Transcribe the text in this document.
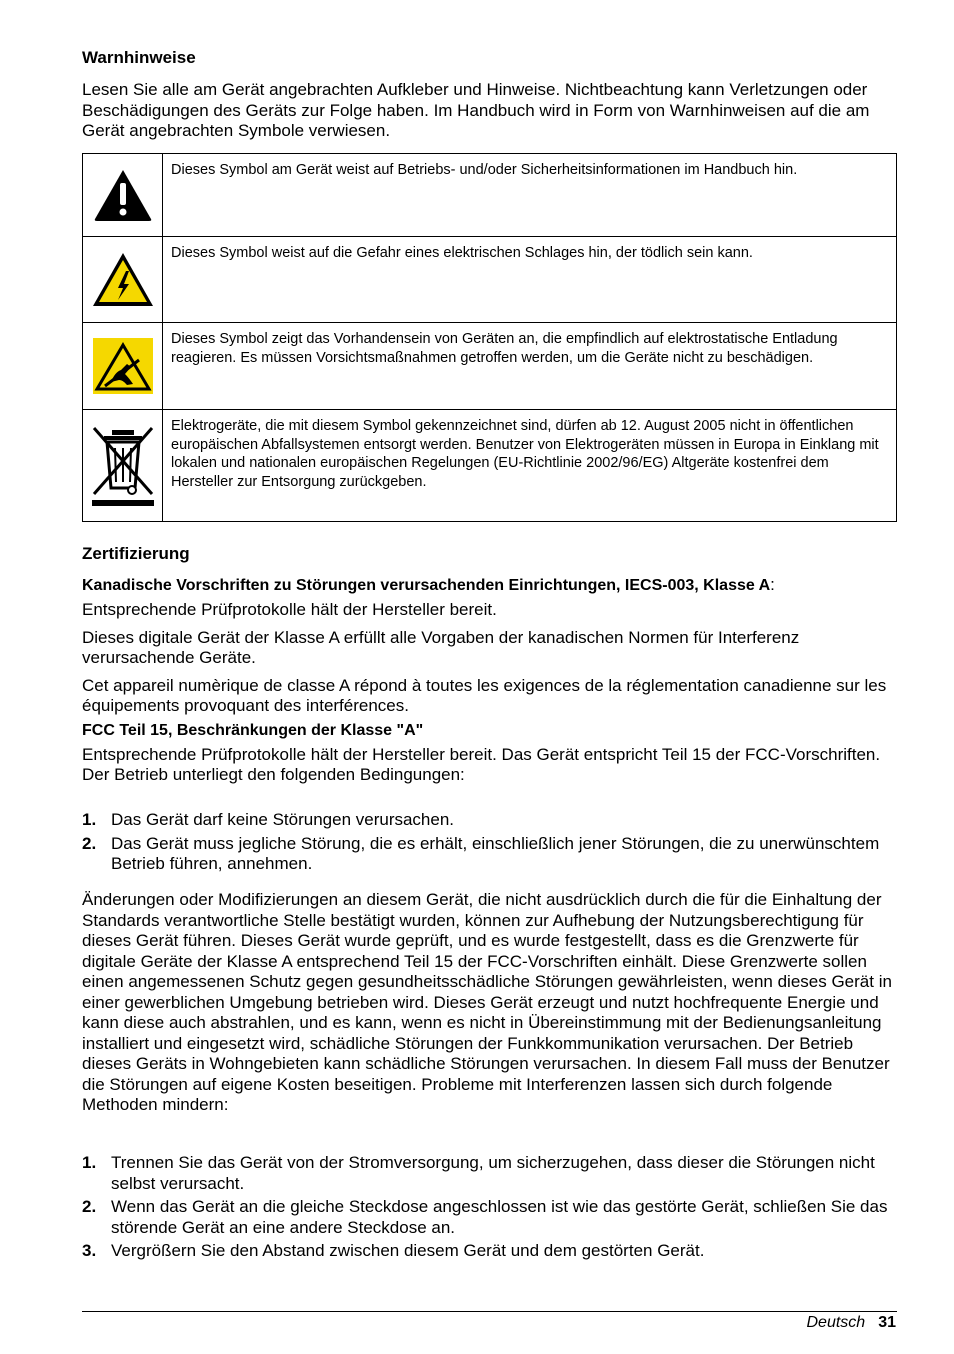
Warnhinweise

Lesen Sie alle am Gerät angebrachten Aufkleber und Hinweise. Nichtbeachtung kann Verletzungen oder Beschädigungen des Geräts zur Folge haben. Im Handbuch wird in Form von Warnhinweisen auf die am Gerät angebrachten Symbole verwiesen.

	Dieses Symbol am Gerät weist auf Betriebs- und/oder Sicherheitsinformationen im Handbuch hin.

	Dieses Symbol weist auf die Gefahr eines elektrischen Schlages hin, der tödlich sein kann.

	Dieses Symbol zeigt das Vorhandensein von Geräten an, die empfindlich auf elektrostatische Entladung reagieren. Es müssen Vorsichtsmaßnahmen getroffen werden, um die Geräte nicht zu beschädigen.

	Elektrogeräte, die mit diesem Symbol gekennzeichnet sind, dürfen ab 12. August 2005 nicht in öffentlichen europäischen Abfallsystemen entsorgt werden. Benutzer von Elektrogeräten müssen in Europa in Einklang mit lokalen und nationalen europäischen Regelungen (EU-Richtlinie 2002/96/EG) Altgeräte kostenfrei dem Hersteller zur Entsorgung zurückgeben.
Zertifizierung

Kanadische Vorschriften zu Störungen verursachenden Einrichtungen, IECS-003, Klasse A:

Entsprechende Prüfprotokolle hält der Hersteller bereit.

Dieses digitale Gerät der Klasse A erfüllt alle Vorgaben der kanadischen Normen für Interferenz verursachende Geräte.

Cet appareil numèrique de classe A répond à toutes les exigences de la réglementation canadienne sur les équipements provoquant des interférences.

FCC Teil 15, Beschränkungen der Klasse "A"

Entsprechende Prüfprotokolle hält der Hersteller bereit. Das Gerät entspricht Teil 15 der FCC-Vorschriften. Der Betrieb unterliegt den folgenden Bedingungen:

1. Das Gerät darf keine Störungen verursachen.
2. Das Gerät muss jegliche Störung, die es erhält, einschließlich jener Störungen, die zu unerwünschtem Betrieb führen, annehmen.

Änderungen oder Modifizierungen an diesem Gerät, die nicht ausdrücklich durch die für die Einhaltung der Standards verantwortliche Stelle bestätigt wurden, können zur Aufhebung der Nutzungsberechtigung für dieses Gerät führen. Dieses Gerät wurde geprüft, und es wurde festgestellt, dass es die Grenzwerte für digitale Geräte der Klasse A entsprechend Teil 15 der FCC-Vorschriften einhält. Diese Grenzwerte sollen einen angemessenen Schutz gegen gesundheitsschädliche Störungen gewährleisten, wenn dieses Gerät in einer gewerblichen Umgebung betrieben wird. Dieses Gerät erzeugt und nutzt hochfrequente Energie und kann diese auch abstrahlen, und es kann, wenn es nicht in Übereinstimmung mit der Bedienungsanleitung installiert und eingesetzt wird, schädliche Störungen der Funkkommunikation verursachen. Der Betrieb dieses Geräts in Wohngebieten kann schädliche Störungen verursachen. In diesem Fall muss der Benutzer die Störungen auf eigene Kosten beseitigen. Probleme mit Interferenzen lassen sich durch folgende Methoden mindern:

1. Trennen Sie das Gerät von der Stromversorgung, um sicherzugehen, dass dieser die Störungen nicht selbst verursacht.
2. Wenn das Gerät an die gleiche Steckdose angeschlossen ist wie das gestörte Gerät, schließen Sie das störende Gerät an eine andere Steckdose an.
3. Vergrößern Sie den Abstand zwischen diesem Gerät und dem gestörten Gerät.
Deutsch 31
